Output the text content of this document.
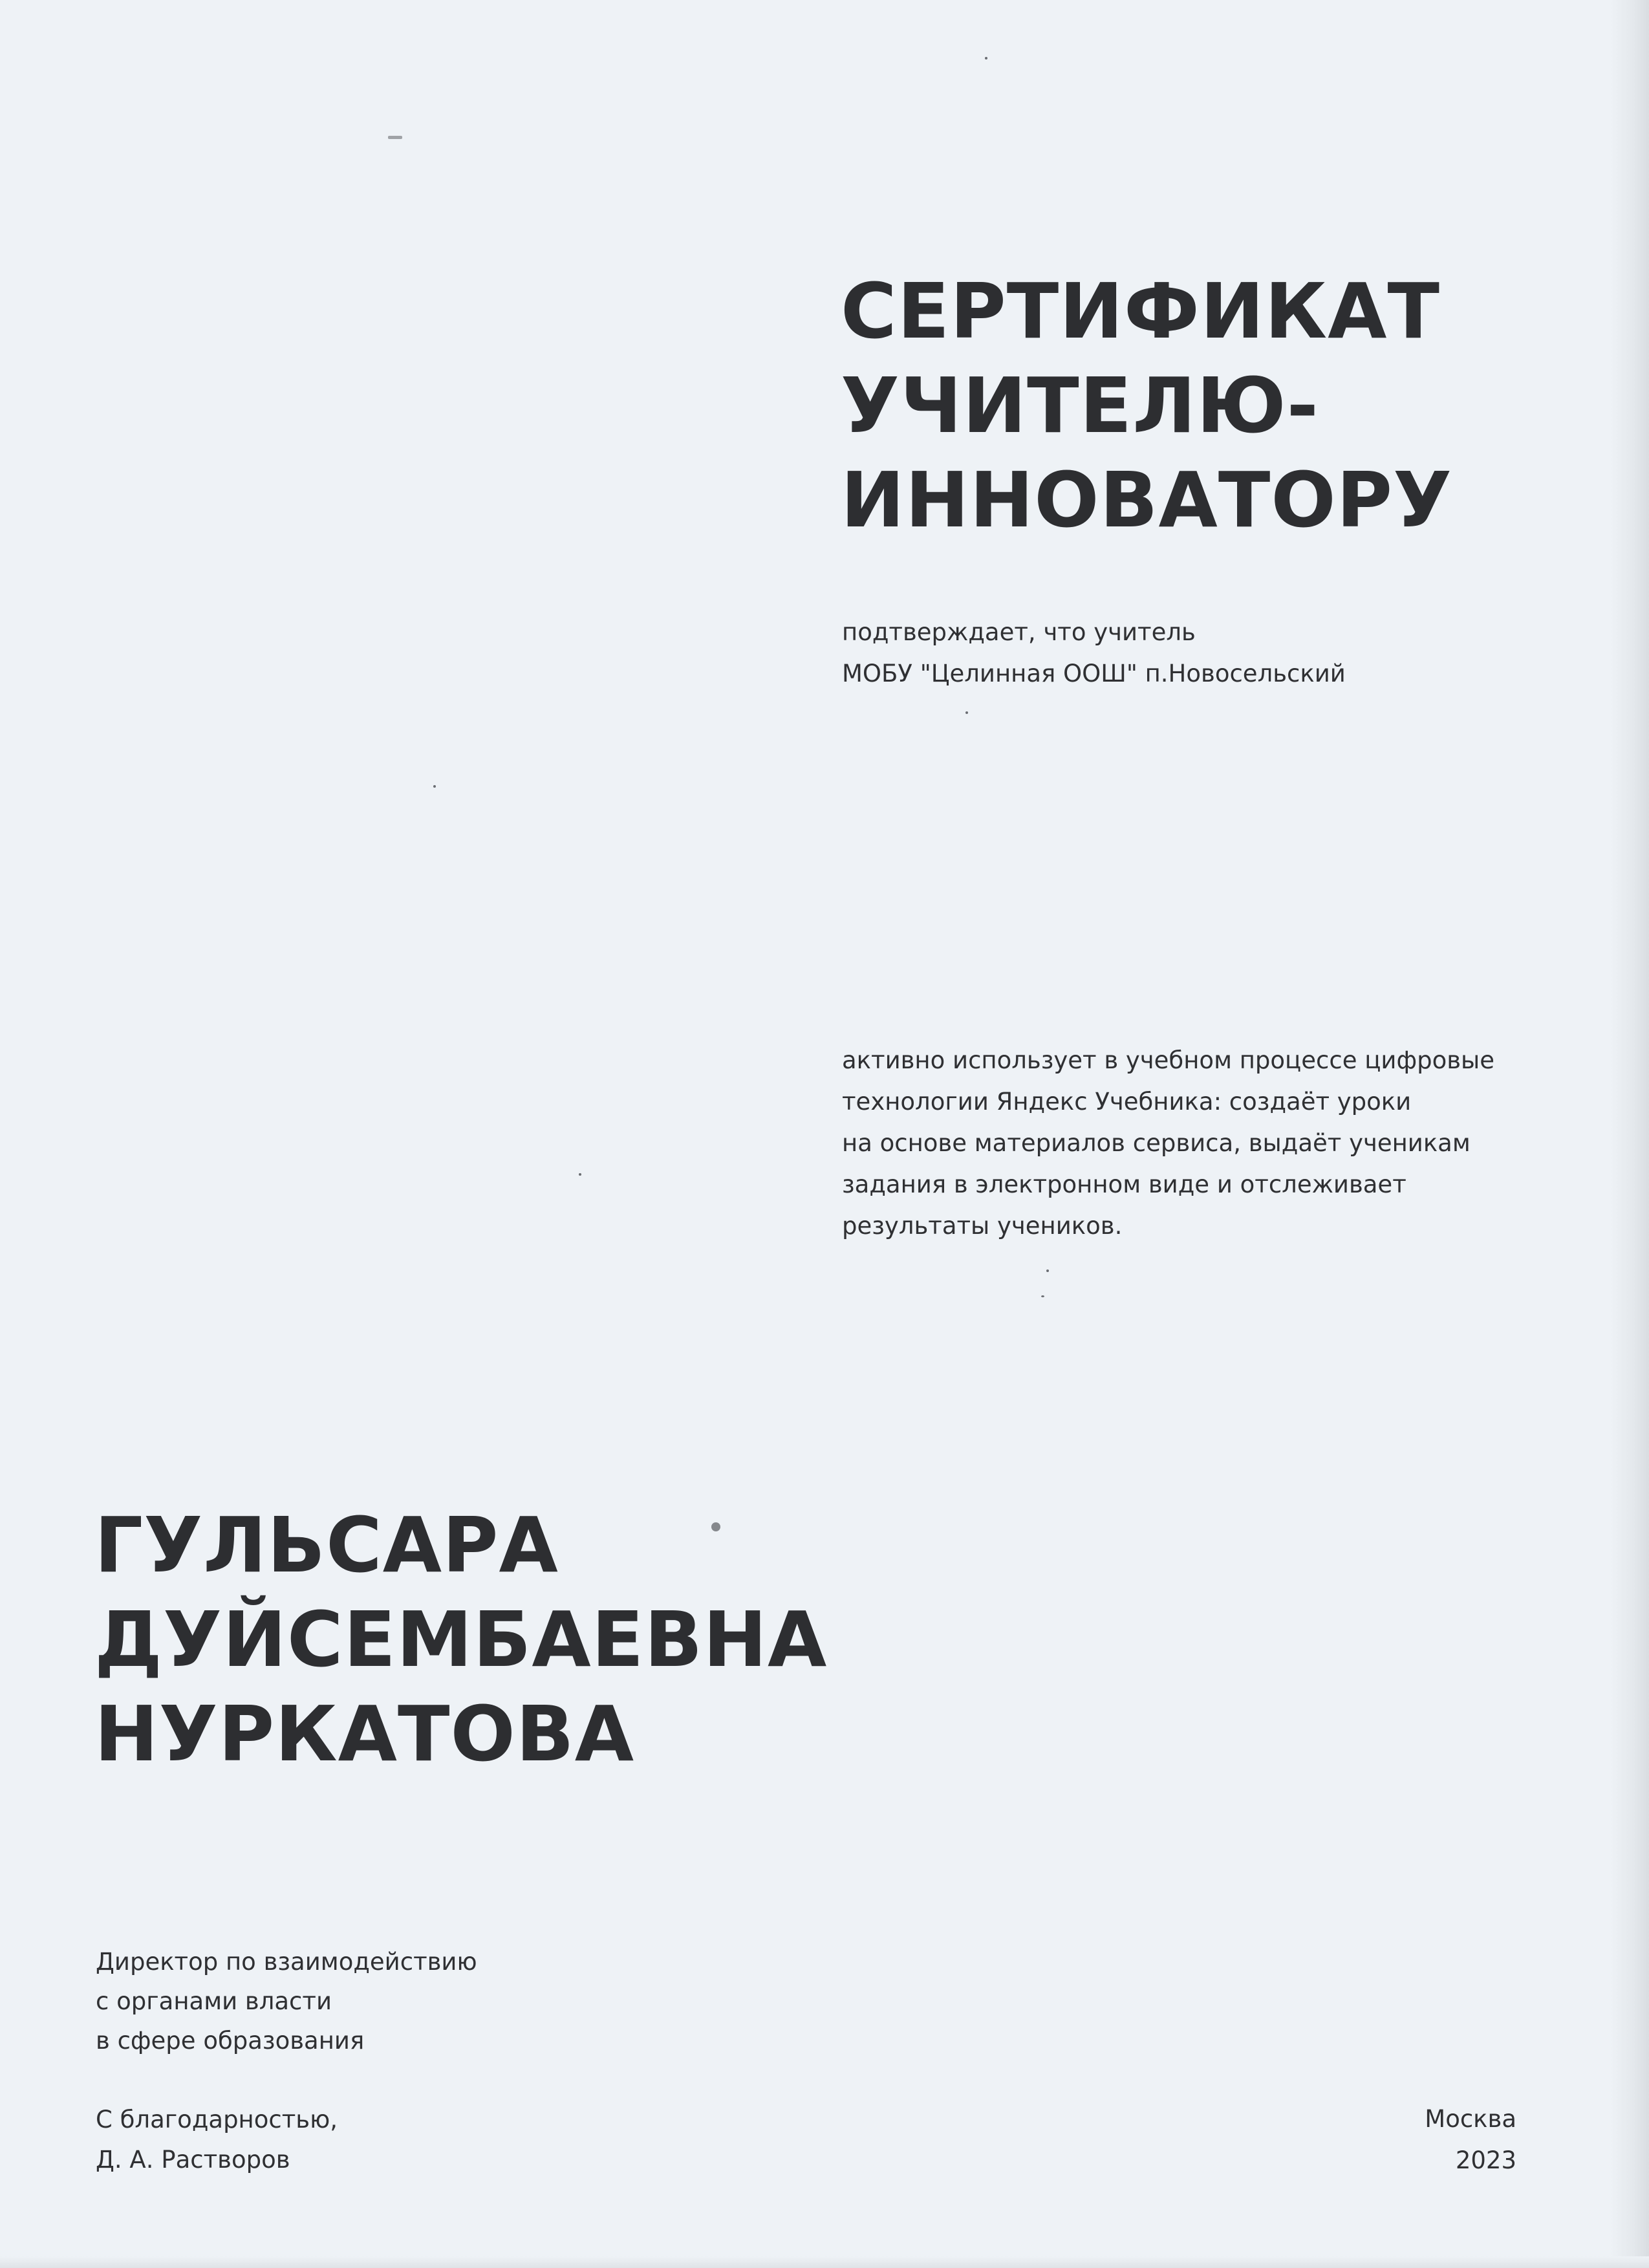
СЕРТИФИКАТ
УЧИТЕЛЮ-
ИННОВАТОРУ

подтверждает, что учитель
МОБУ "Целинная ООШ" п.Новосельский

активно использует в учебном процессе цифровые
технологии Яндекс Учебника: создаёт уроки
на основе материалов сервиса, выдаёт ученикам
задания в электронном виде и отслеживает
результаты учеников.

ГУЛЬСАРА
ДУЙСЕМБАЕВНА
НУРКАТОВА

Директор по взаимодействию
с органами власти
в сфере образования

С благодарностью,
Д. А. Растворов

Москва
2023
